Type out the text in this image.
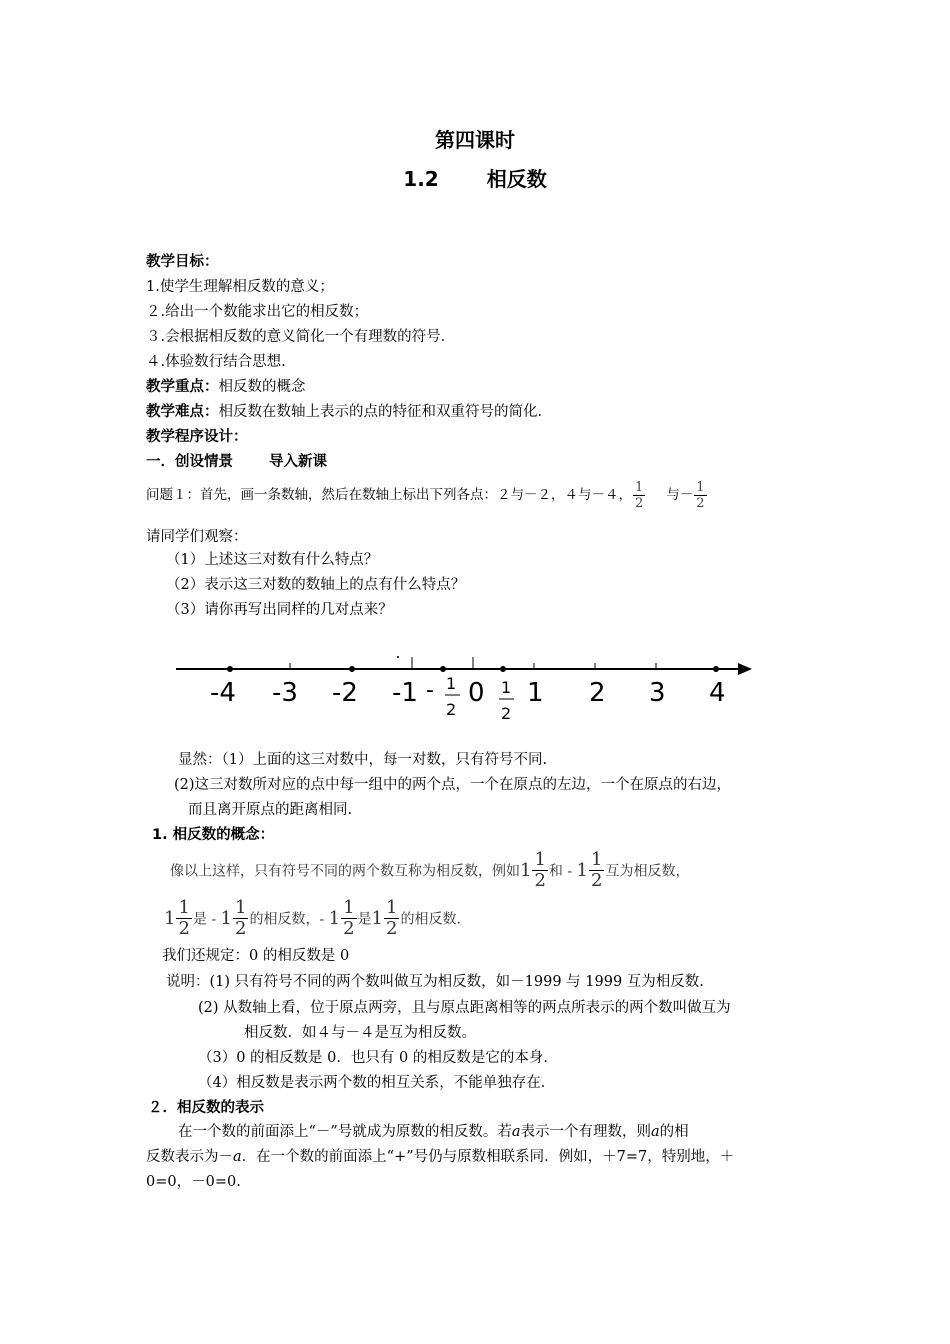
第四课时
1.2 相反数
教学目标：
1.使学生理解相反数的意义；
２.给出一个数能求出它的相反数；
３.会根据相反数的意义简化一个有理数的符号．
４.体验数行结合思想.
教学重点：相反数的概念
教学难点：相反数在数轴上表示的点的特征和双重符号的简化．
教学程序设计：
一．创设情景 导入新课
问题１：首先，画一条数轴，然后在数轴上标出下列各点：２与－２，４与－４， $\frac{1}{2}$ 与－ $\frac{1}{2}$
请同学们观察：
（1）上述这三对数有什么特点？
（2）表示这三对数的数轴上的点有什么特点？
（3）请你再写出同样的几对点来？
-4 -3 -2 -1 - 1
2
0 1
2
1 2 3 4
显然：（1）上面的这三对数中，每一对数，只有符号不同.
(2)这三对数所对应的点中每一组中的两个点，一个在原点的左边，一个在原点的右边，
而且离开原点的距离相同.
1. 相反数的概念：
像以上这样，只有符号不同的两个数互称为相反数，例如$1 \frac{1}{2}$ 和 - $1 \frac{1}{2}$ 互为相反数，
$1 \frac{1}{2}$ 是 - $1 \frac{1}{2}$ 的相反数，- $1 \frac{1}{2}$ 是$1 \frac{1}{2}$ 的相反数.
我们还规定：0 的相反数是 0
说明：(1) 只有符号不同的两个数叫做互为相反数，如－1999 与 1999 互为相反数.
(2) 从数轴上看，位于原点两旁，且与原点距离相等的两点所表示的两个数叫做互为
相反数．如４与－４是互为相反数。
（3）0 的相反数是 0．也只有 0 的相反数是它的本身．
（4）相反数是表示两个数的相互关系，不能单独存在．
２．相反数的表示
在一个数的前面添上“－”号就成为原数的相反数。若a表示一个有理数，则a的相
反数表示为－a．在一个数的前面添上“+”号仍与原数相联系同．例如，＋7=7，特别地，＋
0=0，－0=0.
